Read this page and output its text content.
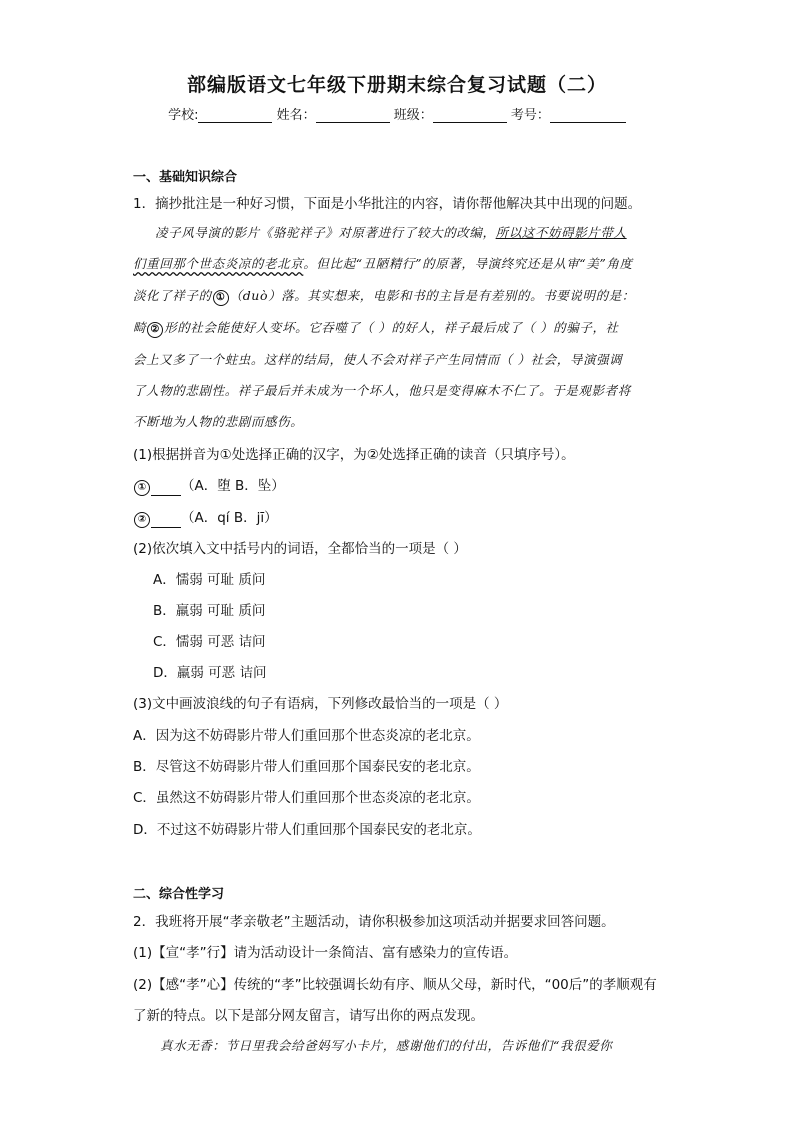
部编版语文七年级下册期末综合复习试题（二）
学校:	姓名：	班级：	考号：
一、基础知识综合
1．摘抄批注是一种好习惯，下面是小华批注的内容，请你帮他解决其中出现的问题。
凌子风导演的影片《骆驼祥子》对原著进行了较大的改编，所以这不妨碍影片带人
们重回那个世态炎凉的老北京。但比起“丑陋精行”的原著，导演终究还是从审“美”角度
淡化了祥子的 ① （duò）落。其实想来，电影和书的主旨是有差别的。书要说明的是：
畸 ② 形的社会能使好人变坏。它吞噬了（ ）的好人，祥子最后成了（ ）的骗子，社
会上又多了一个蛀虫。这样的结局，使人不会对祥子产生同情而（ ）社会，导演强调
了人物的悲剧性。祥子最后并未成为一个坏人，他只是变得麻木不仁了。于是观影者将
不断地为人物的悲剧而感伤。
(1)根据拼音为①处选择正确的汉字，为②处选择正确的读音（只填序号）。
①	（A．堕 B．坠）
②	（A．qí B．jī）
(2)依次填入文中括号内的词语，全都恰当的一项是（ ）
A．懦弱 可耻 质问
B．羸弱 可耻 质问
C．懦弱 可恶 诘问
D．羸弱 可恶 诘问
(3)文中画波浪线的句子有语病，下列修改最恰当的一项是（ ）
A．因为这不妨碍影片带人们重回那个世态炎凉的老北京。
B．尽管这不妨碍影片带人们重回那个国泰民安的老北京。
C．虽然这不妨碍影片带人们重回那个世态炎凉的老北京。
D．不过这不妨碍影片带人们重回那个国泰民安的老北京。
二、综合性学习
2．我班将开展“孝亲敬老”主题活动，请你积极参加这项活动并据要求回答问题。
(1)【宣“孝”行】请为活动设计一条简洁、富有感染力的宣传语。
(2)【感“孝”心】传统的“孝”比较强调长幼有序、顺从父母，新时代，“00后”的孝顺观有
了新的特点。以下是部分网友留言，请写出你的两点发现。
真水无香：节日里我会给爸妈写小卡片，感谢他们的付出，告诉他们“我很爱你
